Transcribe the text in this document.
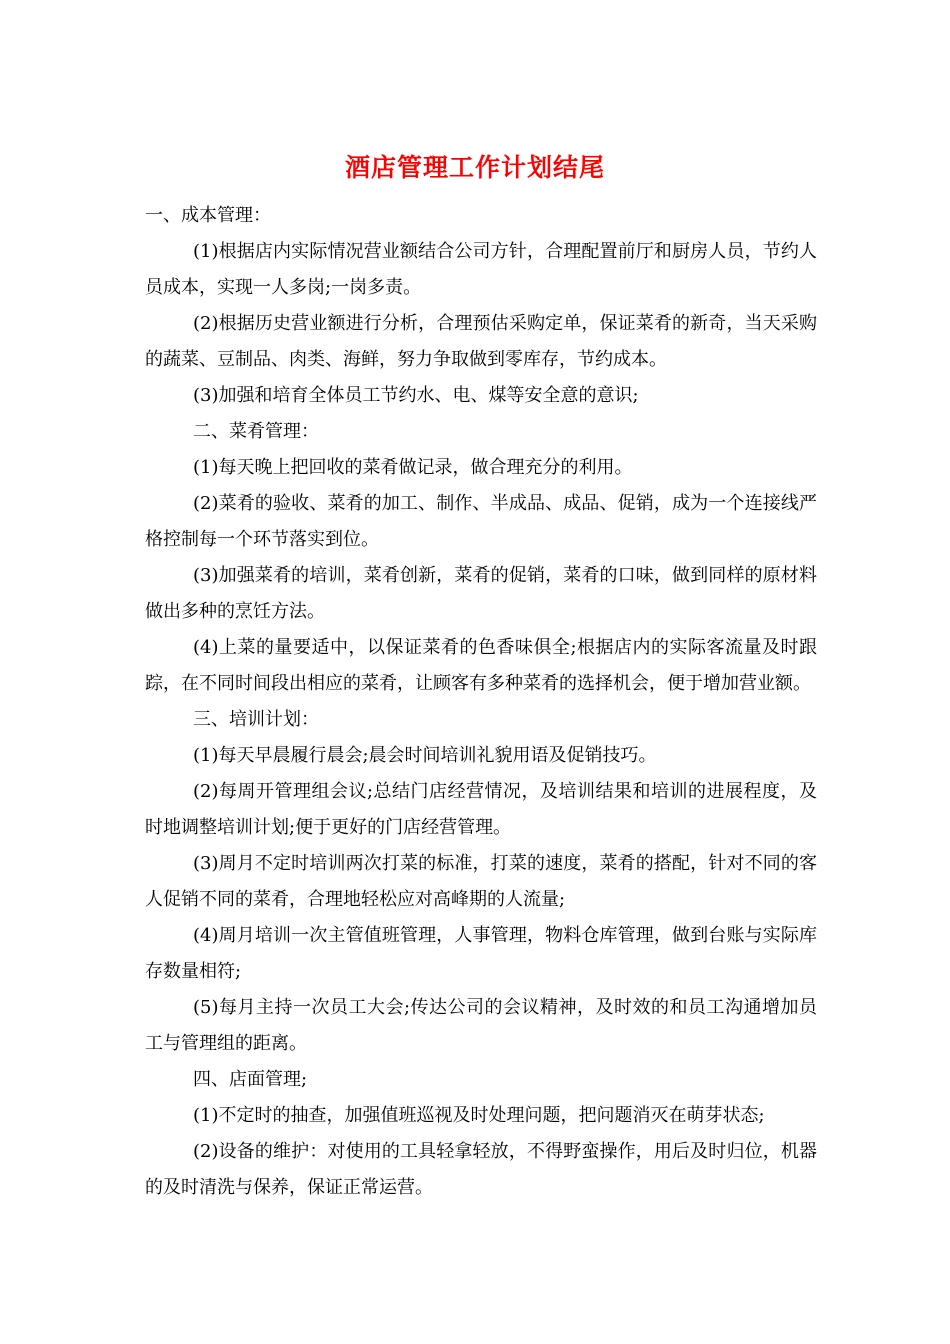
酒店管理工作计划结尾

一、成本管理：

(1)根据店内实际情况营业额结合公司方针，合理配置前厅和厨房人员，节约人员成本，实现一人多岗;一岗多责。

(2)根据历史营业额进行分析，合理预估采购定单，保证菜肴的新奇，当天采购的蔬菜、豆制品、肉类、海鲜，努力争取做到零库存，节约成本。

(3)加强和培育全体员工节约水、电、煤等安全意的意识;

二、菜肴管理：

(1)每天晚上把回收的菜肴做记录，做合理充分的利用。

(2)菜肴的验收、菜肴的加工、制作、半成品、成品、促销，成为一个连接线严格控制每一个环节落实到位。

(3)加强菜肴的培训，菜肴创新，菜肴的促销，菜肴的口味，做到同样的原材料做出多种的烹饪方法。

(4)上菜的量要适中，以保证菜肴的色香味俱全;根据店内的实际客流量及时跟踪，在不同时间段出相应的菜肴，让顾客有多种菜肴的选择机会，便于增加营业额。

三、培训计划：

(1)每天早晨履行晨会;晨会时间培训礼貌用语及促销技巧。

(2)每周开管理组会议;总结门店经营情况，及培训结果和培训的进展程度，及时地调整培训计划;便于更好的门店经营管理。

(3)周月不定时培训两次打菜的标准，打菜的速度，菜肴的搭配，针对不同的客人促销不同的菜肴，合理地轻松应对高峰期的人流量;

(4)周月培训一次主管值班管理，人事管理，物料仓库管理，做到台账与实际库存数量相符;

(5)每月主持一次员工大会;传达公司的会议精神，及时效的和员工沟通增加员工与管理组的距离。

四、店面管理;

(1)不定时的抽查，加强值班巡视及时处理问题，把问题消灭在萌芽状态;

(2)设备的维护：对使用的工具轻拿轻放，不得野蛮操作，用后及时归位，机器的及时清洗与保养，保证正常运营。
